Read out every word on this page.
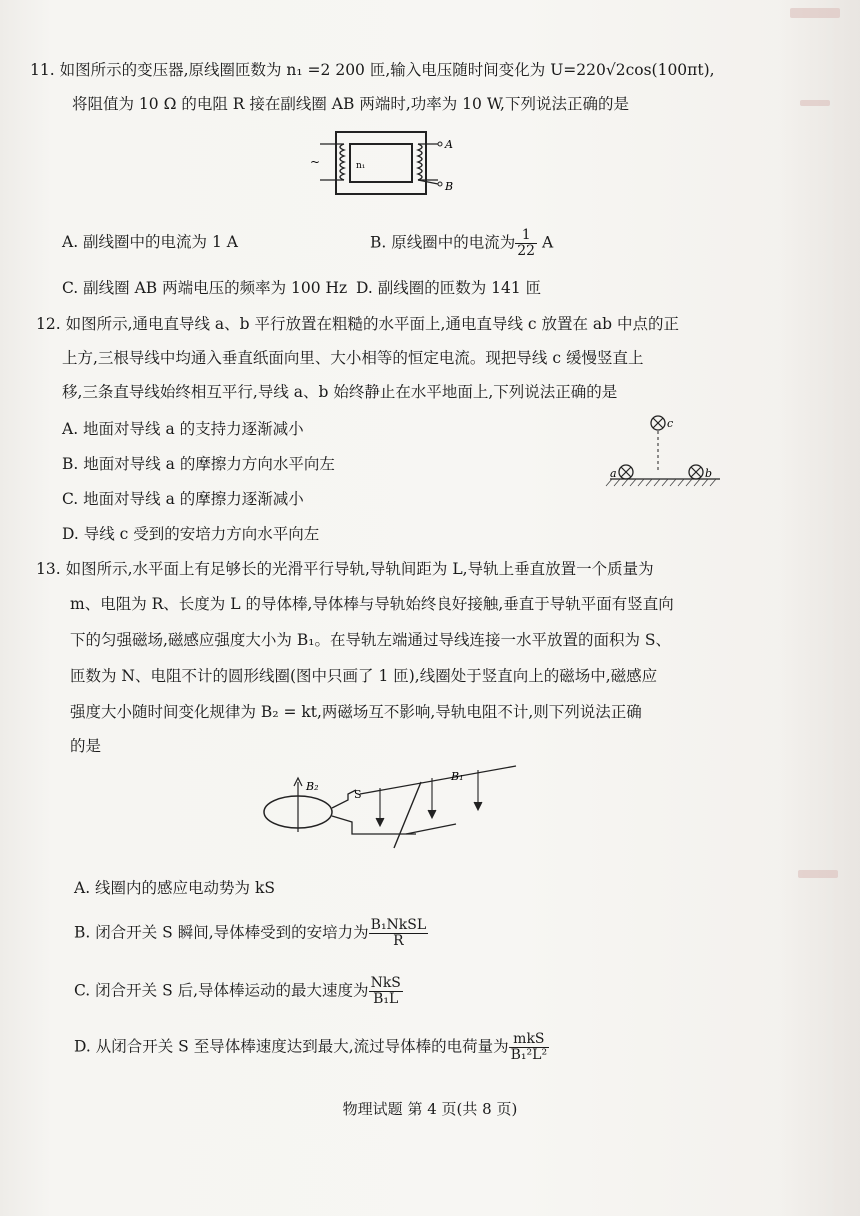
11. 如图所示的变压器,原线圈匝数为 n₁ =2 200 匝,输入电压随时间变化为 U=220√2cos(100πt),
将阻值为 10 Ω 的电阻 R 接在副线圈 AB 两端时,功率为 10 W,下列说法正确的是
~	n₁
A
B
A. 副线圈中的电流为 1 A	B. 原线圈中的电流为 $\frac{1}{22}$ A
C. 副线圈 AB 两端电压的频率为 100 Hz D. 副线圈的匝数为 141 匝
12. 如图所示,通电直导线 a、b 平行放置在粗糙的水平面上,通电直导线 c 放置在 ab 中点的正
上方,三根导线中均通入垂直纸面向里、大小相等的恒定电流。现把导线 c 缓慢竖直上
移,三条直导线始终相互平行,导线 a、b 始终静止在水平地面上,下列说法正确的是
A. 地面对导线 a 的支持力逐渐减小
B. 地面对导线 a 的摩擦力方向水平向左
C. 地面对导线 a 的摩擦力逐渐减小
D. 导线 c 受到的安培力方向水平向左
c
a	b
13. 如图所示,水平面上有足够长的光滑平行导轨,导轨间距为 L,导轨上垂直放置一个质量为
m、电阻为 R、长度为 L 的导体棒,导体棒与导轨始终良好接触,垂直于导轨平面有竖直向
下的匀强磁场,磁感应强度大小为 B₁。在导轨左端通过导线连接一水平放置的面积为 S、
匝数为 N、电阻不计的圆形线圈(图中只画了 1 匝),线圈处于竖直向上的磁场中,磁感应
强度大小随时间变化规律为 B₂ = kt,两磁场互不影响,导轨电阻不计,则下列说法正确
的是
B₂
S
B₁
A. 线圈内的感应电动势为 kS
B. 闭合开关 S 瞬间,导体棒受到的安培力为 $\frac{\text{B₁NkSL}}{R}$
C. 闭合开关 S 后,导体棒运动的最大速度为 $\frac{\text{NkS}}{\text{B₁L}}$
D. 从闭合开关 S 至导体棒速度达到最大,流过导体棒的电荷量为 $\frac{\text{mkS}}{\text{B₁²L²}}$
物理试题 第 4 页(共 8 页)
